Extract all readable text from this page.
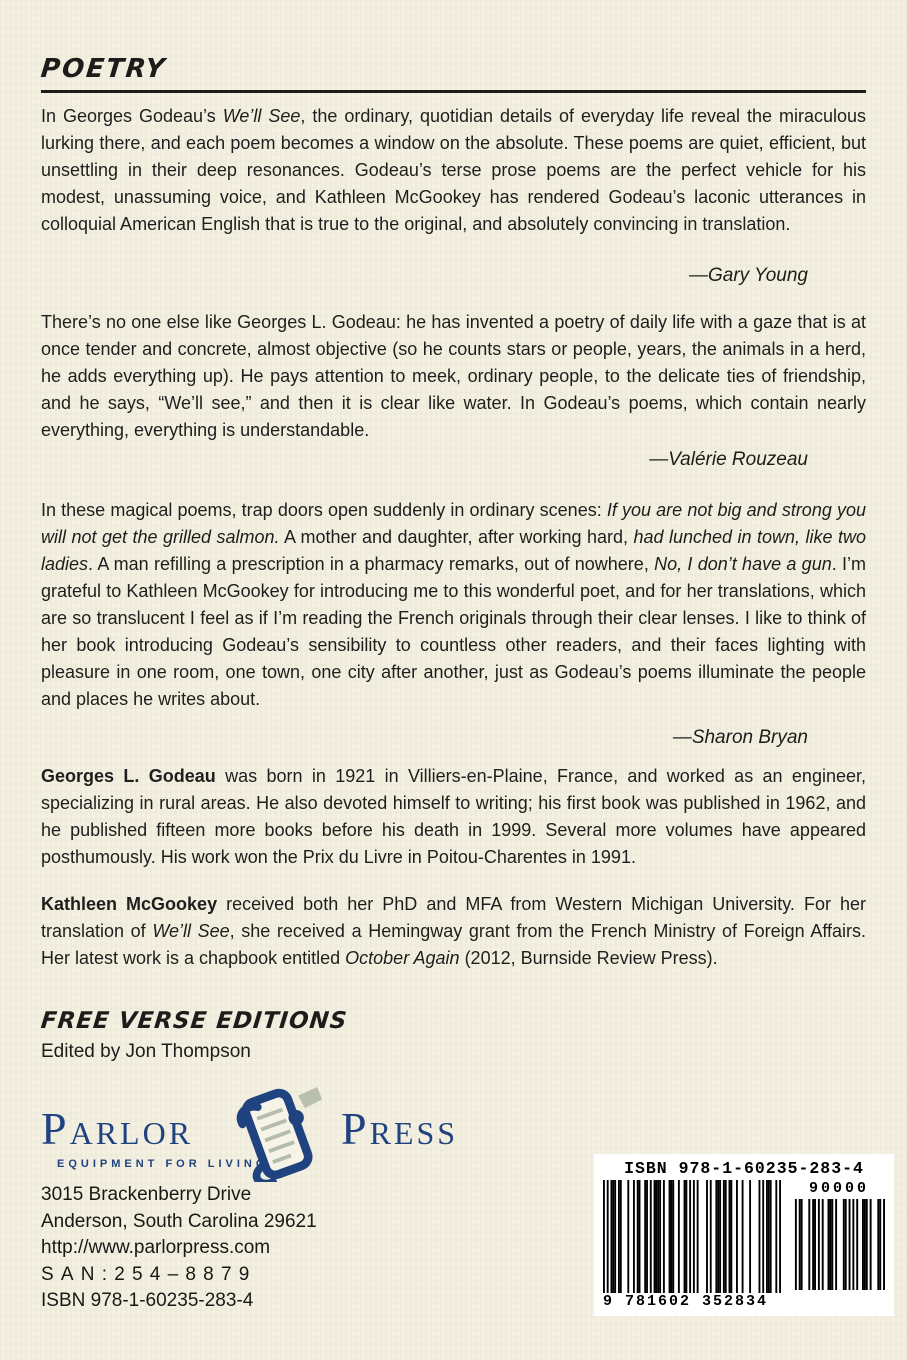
POETRY

In Georges Godeau’s We’ll See, the ordinary, quotidian details of everyday life reveal the miraculous lurking there, and each poem becomes a window on the absolute. These poems are quiet, efficient, but unsettling in their deep resonances. Godeau’s terse prose poems are the perfect vehicle for his modest, unassuming voice, and Kathleen McGookey has rendered Godeau’s laconic utterances in colloquial American English that is true to the original, and absolutely convincing in translation.

—Gary Young

There’s no one else like Georges L. Godeau: he has invented a poetry of daily life with a gaze that is at once tender and concrete, almost objective (so he counts stars or people, years, the animals in a herd, he adds everything up). He pays attention to meek, ordinary people, to the delicate ties of friendship, and he says, “We’ll see,” and then it is clear like water. In Godeau’s poems, which contain nearly everything, everything is understandable.

—Valérie Rouzeau

In these magical poems, trap doors open suddenly in ordinary scenes: If you are not big and strong you will not get the grilled salmon. A mother and daughter, after working hard, had lunched in town, like two ladies. A man refilling a prescription in a pharmacy remarks, out of nowhere, No, I don’t have a gun. I’m grateful to Kathleen McGookey for introducing me to this wonderful poet, and for her translations, which are so translucent I feel as if I’m reading the French originals through their clear lenses. I like to think of her book introducing Godeau’s sensibility to countless other readers, and their faces lighting with pleasure in one room, one town, one city after another, just as Godeau’s poems illuminate the people and places he writes about.

—Sharon Bryan

Georges L. Godeau was born in 1921 in Villiers-en-Plaine, France, and worked as an engineer, specializing in rural areas. He also devoted himself to writing; his first book was published in 1962, and he published fifteen more books before his death in 1999. Several more volumes have appeared posthumously. His work won the Prix du Livre in Poitou-Charentes in 1991.

Kathleen McGookey received both her PhD and MFA from Western Michigan University. For her translation of We’ll See, she received a Hemingway grant from the French Ministry of Foreign Affairs. Her latest work is a chapbook entitled October Again (2012, Burnside Review Press).

FREE VERSE EDITIONS
Edited by Jon Thompson
Parlor	Press
EQUIPMENT FOR LIVING
3015 Brackenberry Drive
Anderson, South Carolina 29621
http://www.parlorpress.com
SAN:254–8879
ISBN 978-1-60235-283-4
ISBN 978-1-60235-283-4
9 781602 352834
90000
